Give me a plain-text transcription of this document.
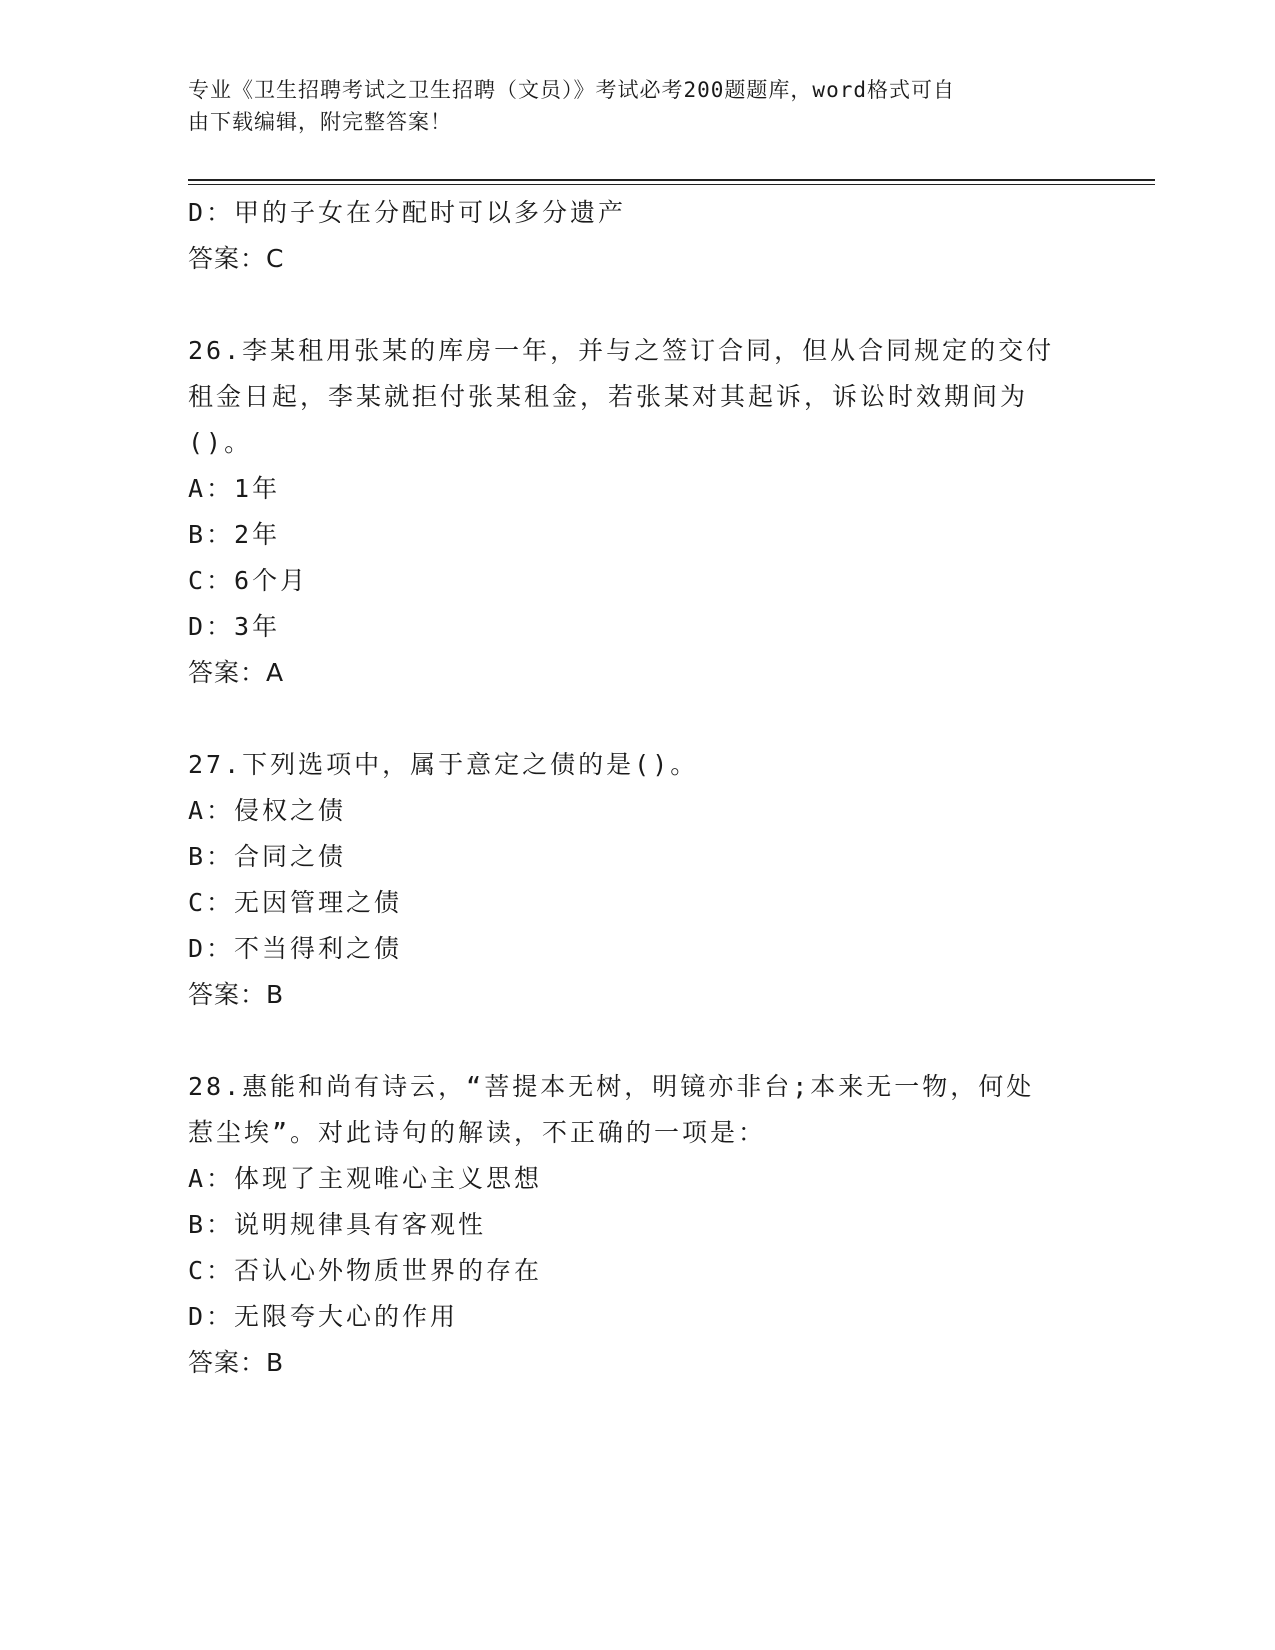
专业《卫生招聘考试之卫生招聘（文员）》考试必考200题题库，word格式可自
由下载编辑，附完整答案！
D：甲的子女在分配时可以多分遗产
答案：C
26.李某租用张某的库房一年，并与之签订合同，但从合同规定的交付
租金日起，李某就拒付张某租金，若张某对其起诉，诉讼时效期间为
()。
A：1年
B：2年
C：6个月
D：3年
答案：A
27.下列选项中，属于意定之债的是()。
A：侵权之债
B：合同之债
C：无因管理之债
D：不当得利之债
答案：B
28.惠能和尚有诗云，“菩提本无树，明镜亦非台;本来无一物，何处
惹尘埃”。对此诗句的解读，不正确的一项是：
A：体现了主观唯心主义思想
B：说明规律具有客观性
C：否认心外物质世界的存在
D：无限夸大心的作用
答案：B
